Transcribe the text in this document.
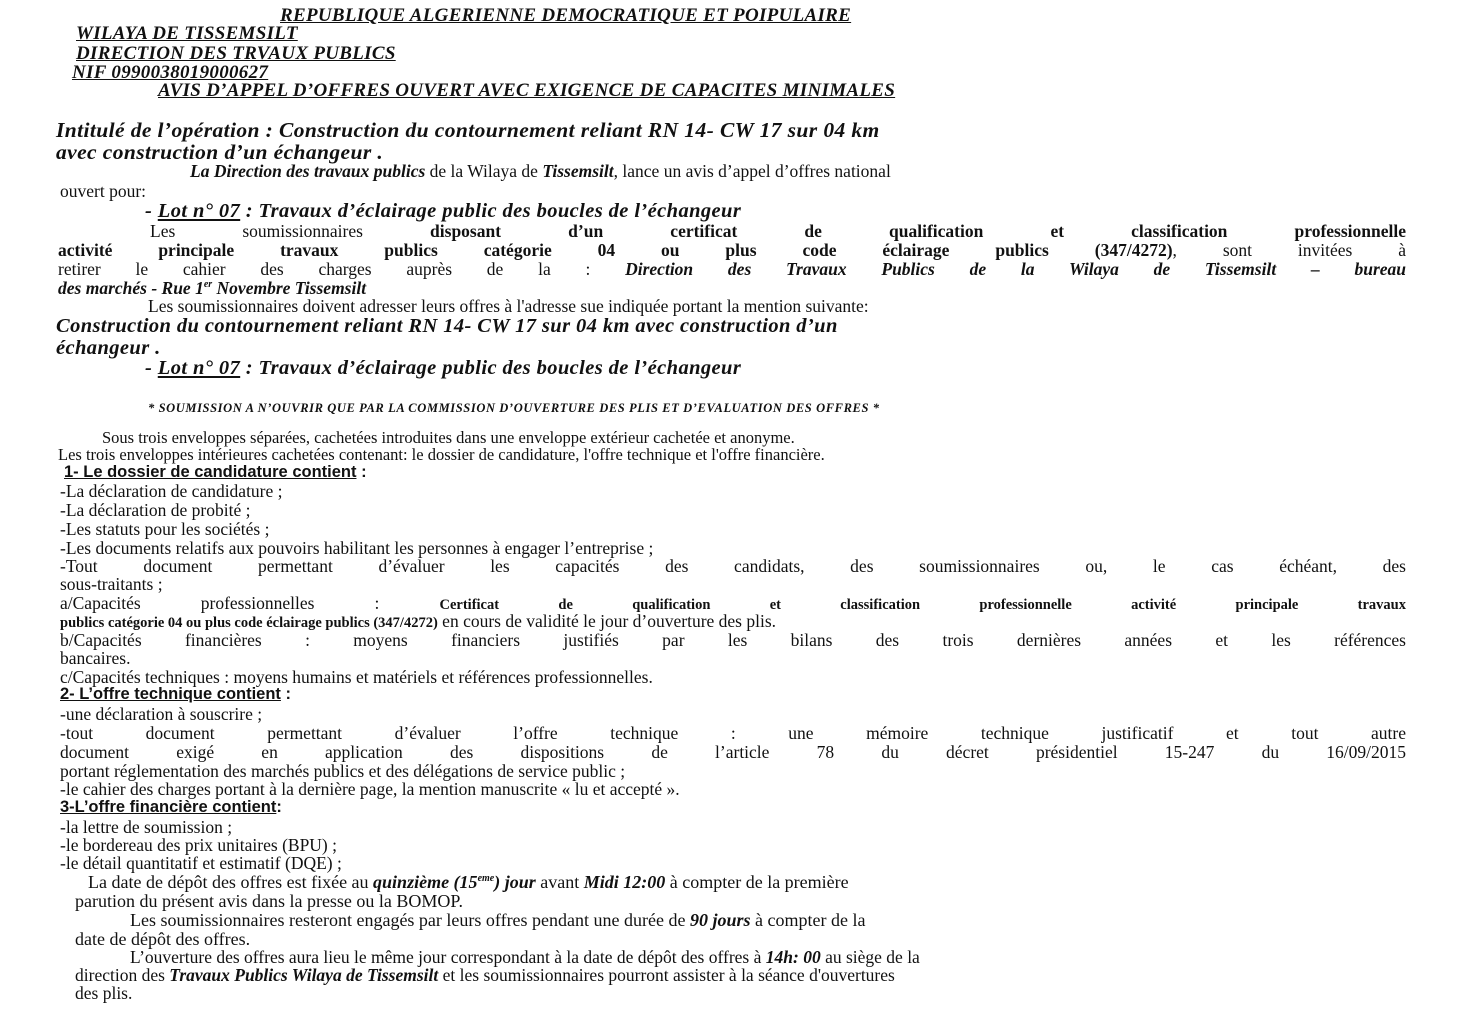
REPUBLIQUE ALGERIENNE DEMOCRATIQUE ET POIPULAIRE

WILAYA DE TISSEMSILT

DIRECTION DES TRVAUX PUBLICS

NIF 0990038019000627

AVIS D’APPEL D’OFFRES OUVERT AVEC EXIGENCE DE CAPACITES MINIMALES

Intitulé de l’opération : Construction du contournement reliant RN 14- CW 17 sur 04 km

avec construction d’un échangeur .

La Direction des travaux publics de la Wilaya de Tissemsilt, lance un avis d’appel d’offres national

ouvert pour:

- Lot n° 07 : Travaux d’éclairage public des boucles de l’échangeur

Les soumissionnaires disposant d’un certificat de qualification et classification professionnelle

activité principale travaux publics catégorie 04 ou plus code éclairage publics (347/4272), sont invitées à

retirer le cahier des charges auprès de la : Direction des Travaux Publics de la Wilaya de Tissemsilt – bureau

des marchés - Rue 1er Novembre Tissemsilt

Les soumissionnaires doivent adresser leurs offres à l'adresse sue indiquée portant la mention suivante:

Construction du contournement reliant RN 14- CW 17 sur 04 km avec construction d’un

échangeur .

- Lot n° 07 : Travaux d’éclairage public des boucles de l’échangeur

* SOUMISSION A N’OUVRIR QUE PAR LA COMMISSION D’OUVERTURE DES PLIS ET D’EVALUATION DES OFFRES *

Sous trois enveloppes séparées, cachetées introduites dans une enveloppe extérieur cachetée et anonyme.

Les trois enveloppes intérieures cachetées contenant: le dossier de candidature, l'offre technique et l'offre financière.

1- Le dossier de candidature contient :

-La déclaration de candidature ;

-La déclaration de probité ;

-Les statuts pour les sociétés ;

-Les documents relatifs aux pouvoirs habilitant les personnes à engager l’entreprise ;

-Tout document permettant d’évaluer les capacités des candidats, des soumissionnaires ou, le cas échéant, des

sous-traitants ;

a/Capacités professionnelles : Certificat de qualification et classification professionnelle activité principale travaux

publics catégorie 04 ou plus code éclairage publics (347/4272) en cours de validité le jour d’ouverture des plis.

b/Capacités financières : moyens financiers justifiés par les bilans des trois dernières années et les références

bancaires.

c/Capacités techniques : moyens humains et matériels et références professionnelles.

2- L’offre technique contient :

-une déclaration à souscrire ;

-tout document permettant d’évaluer l’offre technique : une mémoire technique justificatif et tout autre

document exigé en application des dispositions de l’article 78 du décret présidentiel 15-247 du 16/09/2015

portant réglementation des marchés publics et des délégations de service public ;

-le cahier des charges portant à la dernière page, la mention manuscrite « lu et accepté ».

3-L’offre financière contient:

-la lettre de soumission ;

-le bordereau des prix unitaires (BPU) ;

-le détail quantitatif et estimatif (DQE) ;

La date de dépôt des offres est fixée au quinzième (15eme) jour avant Midi 12:00 à compter de la première

parution du présent avis dans la presse ou la BOMOP.

Les soumissionnaires resteront engagés par leurs offres pendant une durée de 90 jours à compter de la

date de dépôt des offres.

L’ouverture des offres aura lieu le même jour correspondant à la date de dépôt des offres à 14h: 00 au siège de la

direction des Travaux Publics Wilaya de Tissemsilt et les soumissionnaires pourront assister à la séance d'ouvertures

des plis.
